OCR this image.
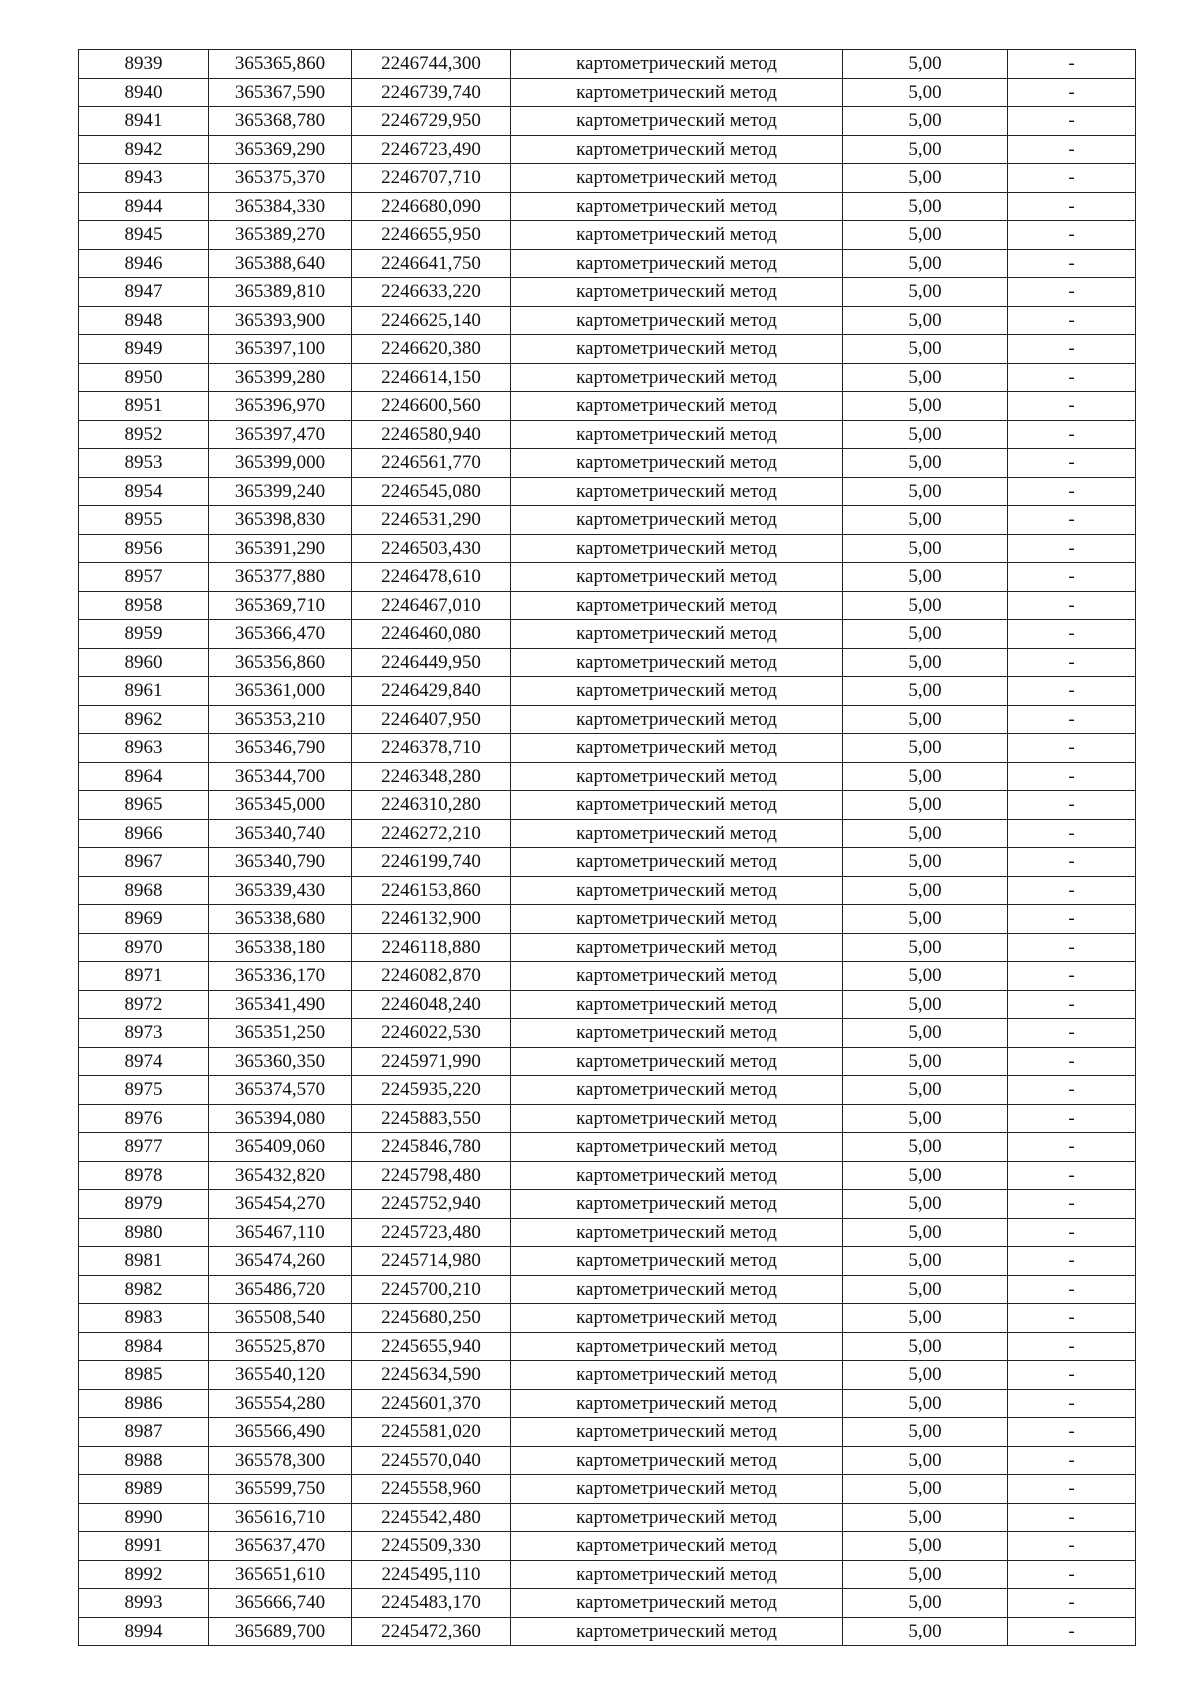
8939	365365,860	2246744,300	картометрический метод	5,00	-
8940	365367,590	2246739,740	картометрический метод	5,00	-
8941	365368,780	2246729,950	картометрический метод	5,00	-
8942	365369,290	2246723,490	картометрический метод	5,00	-
8943	365375,370	2246707,710	картометрический метод	5,00	-
8944	365384,330	2246680,090	картометрический метод	5,00	-
8945	365389,270	2246655,950	картометрический метод	5,00	-
8946	365388,640	2246641,750	картометрический метод	5,00	-
8947	365389,810	2246633,220	картометрический метод	5,00	-
8948	365393,900	2246625,140	картометрический метод	5,00	-
8949	365397,100	2246620,380	картометрический метод	5,00	-
8950	365399,280	2246614,150	картометрический метод	5,00	-
8951	365396,970	2246600,560	картометрический метод	5,00	-
8952	365397,470	2246580,940	картометрический метод	5,00	-
8953	365399,000	2246561,770	картометрический метод	5,00	-
8954	365399,240	2246545,080	картометрический метод	5,00	-
8955	365398,830	2246531,290	картометрический метод	5,00	-
8956	365391,290	2246503,430	картометрический метод	5,00	-
8957	365377,880	2246478,610	картометрический метод	5,00	-
8958	365369,710	2246467,010	картометрический метод	5,00	-
8959	365366,470	2246460,080	картометрический метод	5,00	-
8960	365356,860	2246449,950	картометрический метод	5,00	-
8961	365361,000	2246429,840	картометрический метод	5,00	-
8962	365353,210	2246407,950	картометрический метод	5,00	-
8963	365346,790	2246378,710	картометрический метод	5,00	-
8964	365344,700	2246348,280	картометрический метод	5,00	-
8965	365345,000	2246310,280	картометрический метод	5,00	-
8966	365340,740	2246272,210	картометрический метод	5,00	-
8967	365340,790	2246199,740	картометрический метод	5,00	-
8968	365339,430	2246153,860	картометрический метод	5,00	-
8969	365338,680	2246132,900	картометрический метод	5,00	-
8970	365338,180	2246118,880	картометрический метод	5,00	-
8971	365336,170	2246082,870	картометрический метод	5,00	-
8972	365341,490	2246048,240	картометрический метод	5,00	-
8973	365351,250	2246022,530	картометрический метод	5,00	-
8974	365360,350	2245971,990	картометрический метод	5,00	-
8975	365374,570	2245935,220	картометрический метод	5,00	-
8976	365394,080	2245883,550	картометрический метод	5,00	-
8977	365409,060	2245846,780	картометрический метод	5,00	-
8978	365432,820	2245798,480	картометрический метод	5,00	-
8979	365454,270	2245752,940	картометрический метод	5,00	-
8980	365467,110	2245723,480	картометрический метод	5,00	-
8981	365474,260	2245714,980	картометрический метод	5,00	-
8982	365486,720	2245700,210	картометрический метод	5,00	-
8983	365508,540	2245680,250	картометрический метод	5,00	-
8984	365525,870	2245655,940	картометрический метод	5,00	-
8985	365540,120	2245634,590	картометрический метод	5,00	-
8986	365554,280	2245601,370	картометрический метод	5,00	-
8987	365566,490	2245581,020	картометрический метод	5,00	-
8988	365578,300	2245570,040	картометрический метод	5,00	-
8989	365599,750	2245558,960	картометрический метод	5,00	-
8990	365616,710	2245542,480	картометрический метод	5,00	-
8991	365637,470	2245509,330	картометрический метод	5,00	-
8992	365651,610	2245495,110	картометрический метод	5,00	-
8993	365666,740	2245483,170	картометрический метод	5,00	-
8994	365689,700	2245472,360	картометрический метод	5,00	-
